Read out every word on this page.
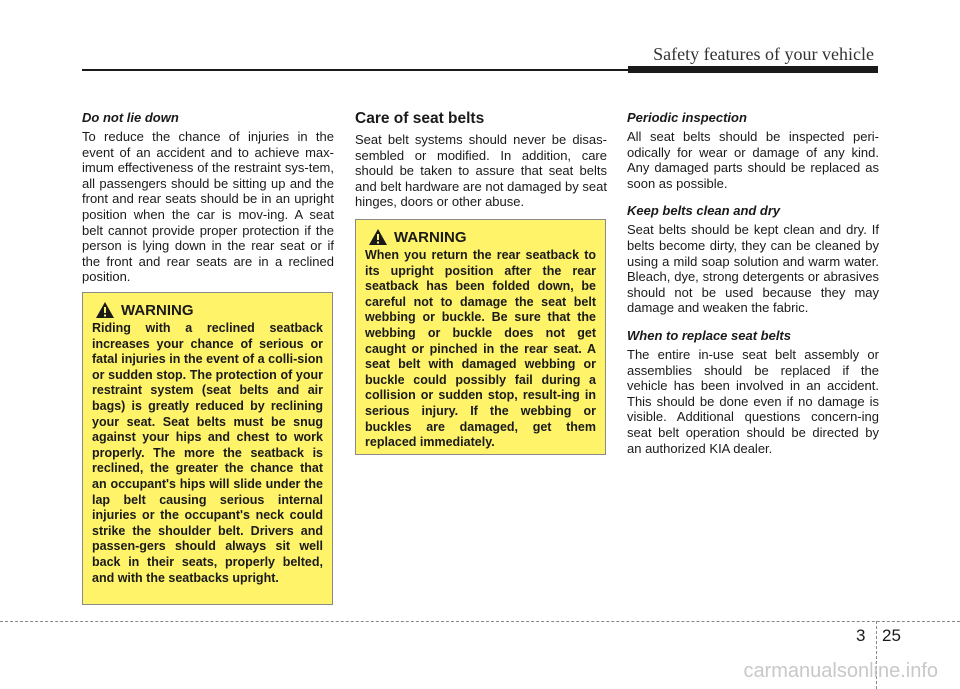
Safety features of your vehicle
Do not lie down

To reduce the chance of injuries in the event of an accident and to achieve max-imum effectiveness of the restraint sys-tem, all passengers should be sitting up and the front and rear seats should be in an upright position when the car is mov-ing. A seat belt cannot provide proper protection if the person is lying down in the rear seat or if the front and rear seats are in a reclined position.

WARNING

Riding with a reclined seatback increases your chance of serious or fatal injuries in the event of a colli-sion or sudden stop. The protection of your restraint system (seat belts and air bags) is greatly reduced by reclining your seat. Seat belts must be snug against your hips and chest to work properly. The more the seatback is reclined, the greater the chance that an occupant's hips will slide under the lap belt causing serious internal injuries or the occupant's neck could strike the shoulder belt. Drivers and passen-gers should always sit well back in their seats, properly belted, and with the seatbacks upright.

Care of seat belts

Seat belt systems should never be disas-sembled or modified. In addition, care should be taken to assure that seat belts and belt hardware are not damaged by seat hinges, doors or other abuse.

WARNING

When you return the rear seatback to its upright position after the rear seatback has been folded down, be careful not to damage the seat belt webbing or buckle. Be sure that the webbing or buckle does not get caught or pinched in the rear seat. A seat belt with damaged webbing or buckle could possibly fail during a collision or sudden stop, result-ing in serious injury. If the webbing or buckles are damaged, get them replaced immediately.

Periodic inspection

All seat belts should be inspected peri-odically for wear or damage of any kind. Any damaged parts should be replaced as soon as possible.

Keep belts clean and dry

Seat belts should be kept clean and dry. If belts become dirty, they can be cleaned by using a mild soap solution and warm water. Bleach, dye, strong detergents or abrasives should not be used because they may damage and weaken the fabric.

When to replace seat belts

The entire in-use seat belt assembly or assemblies should be replaced if the vehicle has been involved in an accident. This should be done even if no damage is visible. Additional questions concern-ing seat belt operation should be directed by an authorized KIA dealer.

3 25
carmanualsonline.info
